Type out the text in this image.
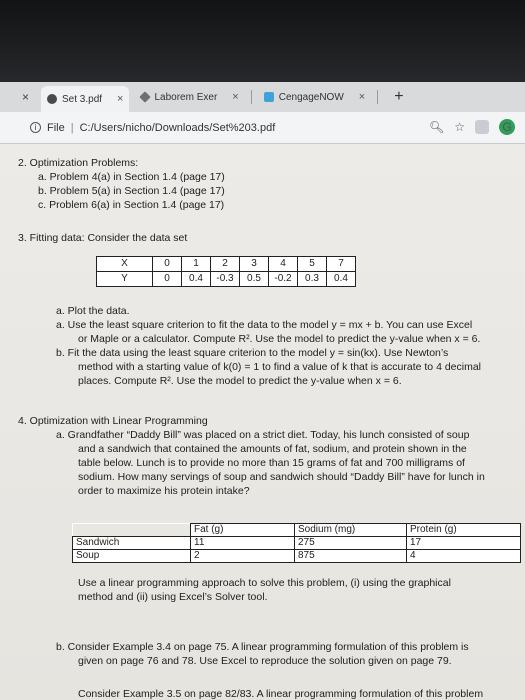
×	Set 3.pdf ×	Laborem Exer ×	CengageNOW × +
i File | C:/Users/nicho/Downloads/Set%203.pdf	🔍︎ ☆	G
2. Optimization Problems:
a. Problem 4(a) in Section 1.4 (page 17)
b. Problem 5(a) in Section 1.4 (page 17)
c. Problem 6(a) in Section 1.4 (page 17)
3. Fitting data: Consider the data set
X	0	1	2	3	4	5	7
Y	0	0.4	-0.3	0.5	-0.2	0.3	0.4
a. Plot the data.
a. Use the least square criterion to fit the data to the model y = mx + b. You can use Excel
or Maple or a calculator. Compute R². Use the model to predict the y-value when x = 6.
b. Fit the data using the least square criterion to the model y = sin(kx). Use Newton’s
method with a starting value of k(0) = 1 to find a value of k that is accurate to 4 decimal
places. Compute R². Use the model to predict the y-value when x = 6.
4. Optimization with Linear Programming
a. Grandfather “Daddy Bill” was placed on a strict diet. Today, his lunch consisted of soup
and a sandwich that contained the amounts of fat, sodium, and protein shown in the
table below. Lunch is to provide no more than 15 grams of fat and 700 milligrams of
sodium. How many servings of soup and sandwich should “Daddy Bill” have for lunch in
order to maximize his protein intake?
	Fat (g)	Sodium (mg)	Protein (g)
Sandwich	11	275	17
Soup	2	875	4
Use a linear programming approach to solve this problem, (i) using the graphical
method and (ii) using Excel’s Solver tool.
b. Consider Example 3.4 on page 75. A linear programming formulation of this problem is
given on page 76 and 78. Use Excel to reproduce the solution given on page 79.
Consider Example 3.5 on page 82/83. A linear programming formulation of this problem
